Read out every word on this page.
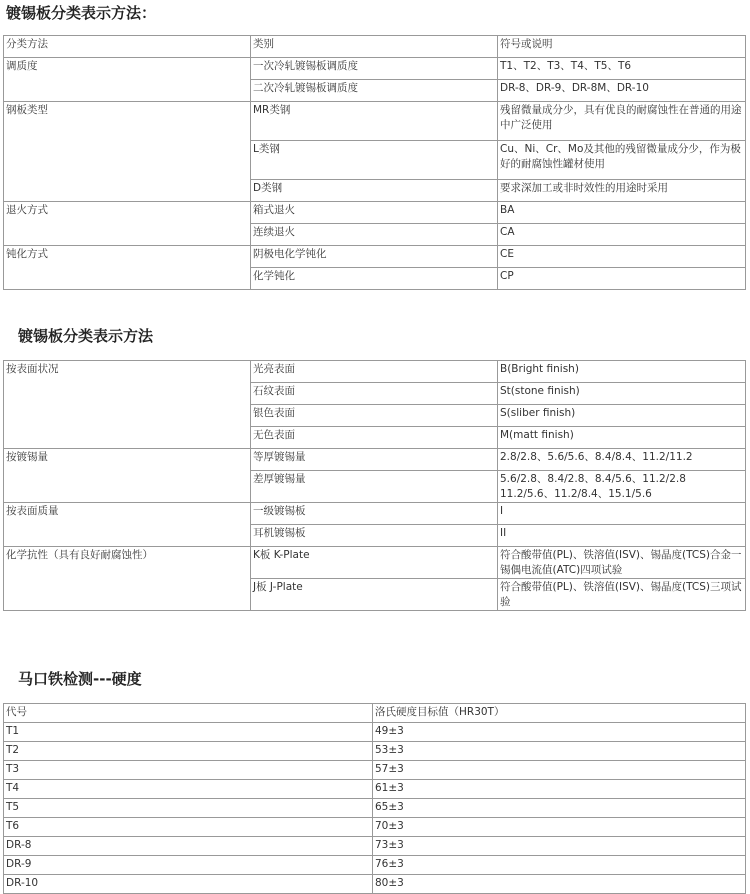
镀锡板分类表示方法：
分类方法	类别	符号或说明
调质度	一次冷轧镀锡板调质度	T1、T2、T3、T4、T5、T6
	二次冷轧镀锡板调质度	DR-8、DR-9、DR-8M、DR-10
钢板类型	MR类钢	残留微量成分少，具有优良的耐腐蚀性在普通的用途中广泛使用
	L类钢	Cu、Ni、Cr、Mo及其他的残留微量成分少，作为极好的耐腐蚀性罐材使用
	D类钢	要求深加工或非时效性的用途时采用
退火方式	箱式退火	BA
	连续退火	CA
钝化方式	阴极电化学钝化	CE
	化学钝化	CP
镀锡板分类表示方法
按表面状况	光亮表面	B(Bright finish)
	石纹表面	St(stone finish)
	银色表面	S(sliber finish)
	无色表面	M(matt finish)
按镀锡量	等厚镀锡量	2.8/2.8、5.6/5.6、8.4/8.4、11.2/11.2
	差厚镀锡量	5.6/2.8、8.4/2.8、8.4/5.6、11.2/2.8 11.2/5.6、11.2/8.4、15.1/5.6
按表面质量	一级镀锡板	I
	耳机镀锡板	II
化学抗性（具有良好耐腐蚀性）	K板 K-Plate	符合酸带值(PL)、铁溶值(ISV)、锡晶度(TCS)合金一锡偶电流值(ATC)四项试验
	J板 J-Plate	符合酸带值(PL)、铁溶值(ISV)、锡晶度(TCS)三项试验
马口铁检测---硬度
代号	洛氏硬度目标值（HR30T）
T1	49±3
T2	53±3
T3	57±3
T4	61±3
T5	65±3
T6	70±3
DR-8	73±3
DR-9	76±3
DR-10	80±3
